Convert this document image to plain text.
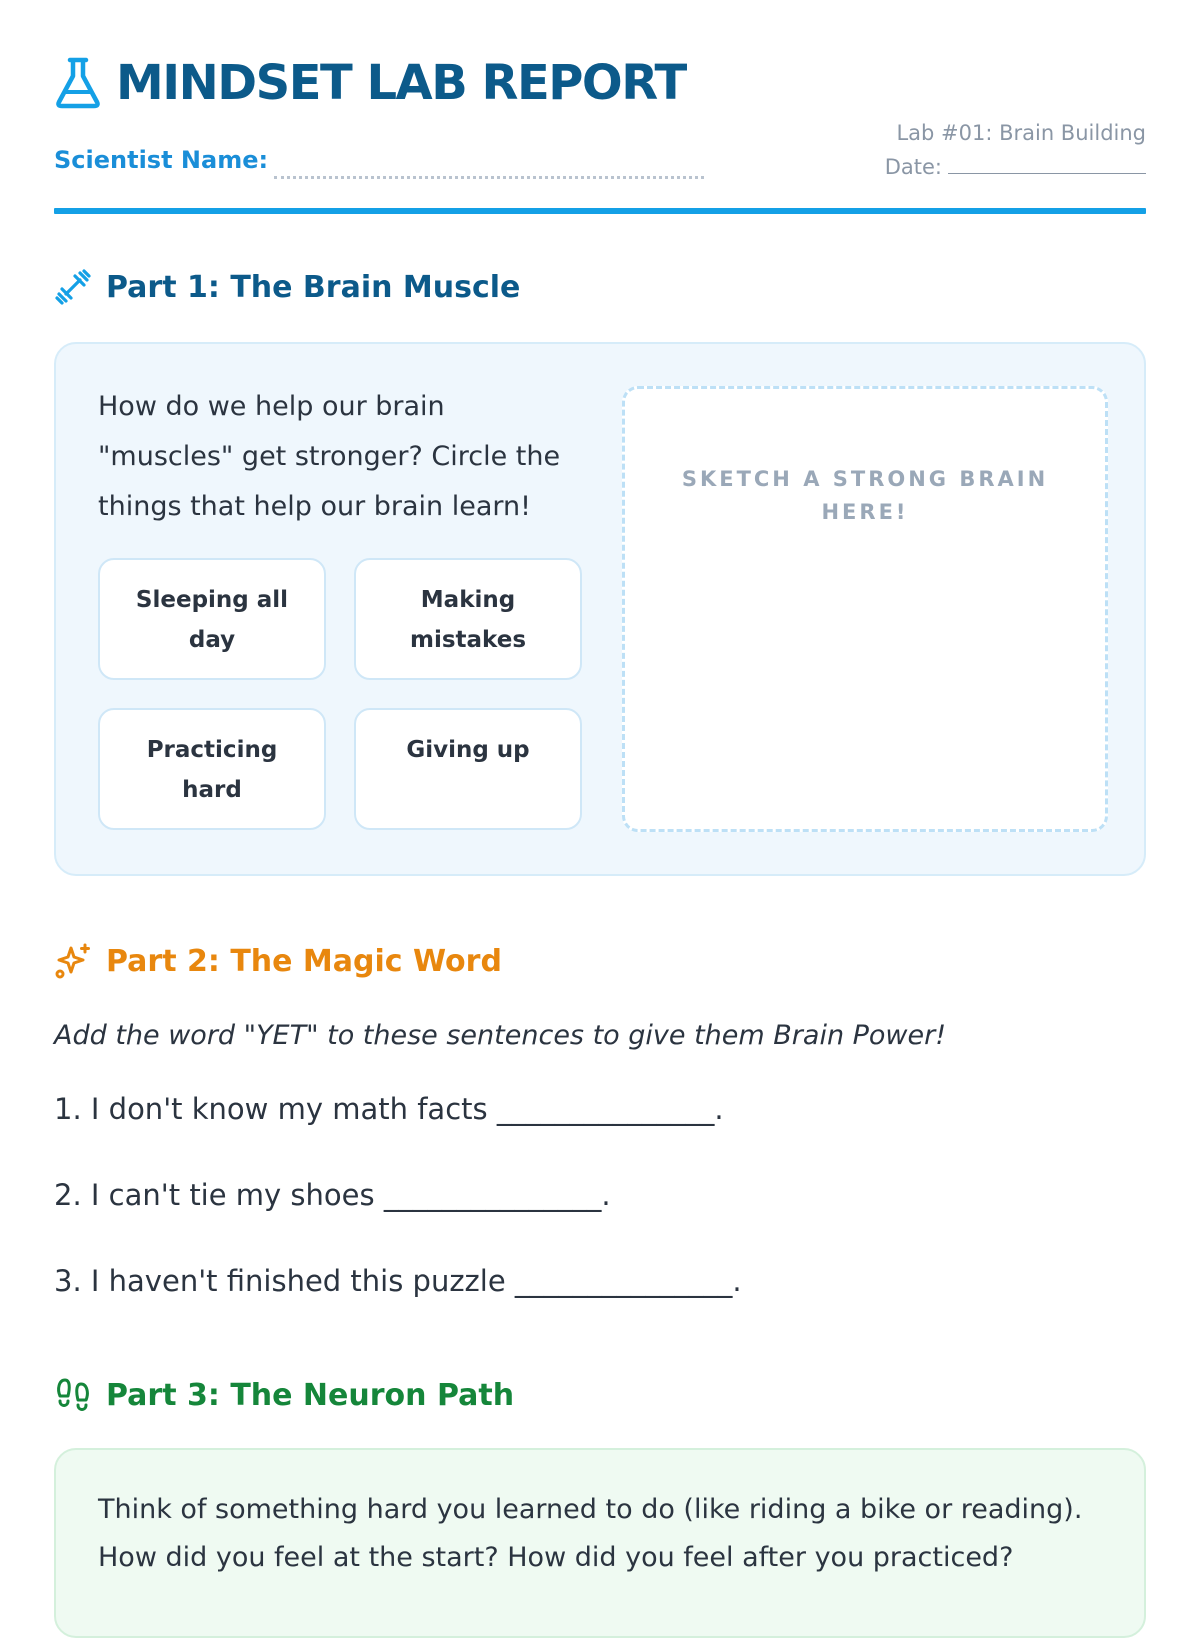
MINDSET LAB REPORT
Scientist Name:
Lab #01: Brain Building
Date:
Part 1: The Brain Muscle
How do we help our brain "muscles" get stronger? Circle the things that help our brain learn!
Sleeping all day
Making mistakes
Practicing hard
Giving up
SKETCH A STRONG BRAIN HERE!
Part 2: The Magic Word
Add the word "YET" to these sentences to give them Brain Power!
1. I don't know my math facts _______________.
2. I can't tie my shoes _______________.
3. I haven't finished this puzzle _______________.
Part 3: The Neuron Path
Think of something hard you learned to do (like riding a bike or reading). How did you feel at the start? How did you feel after you practiced?
